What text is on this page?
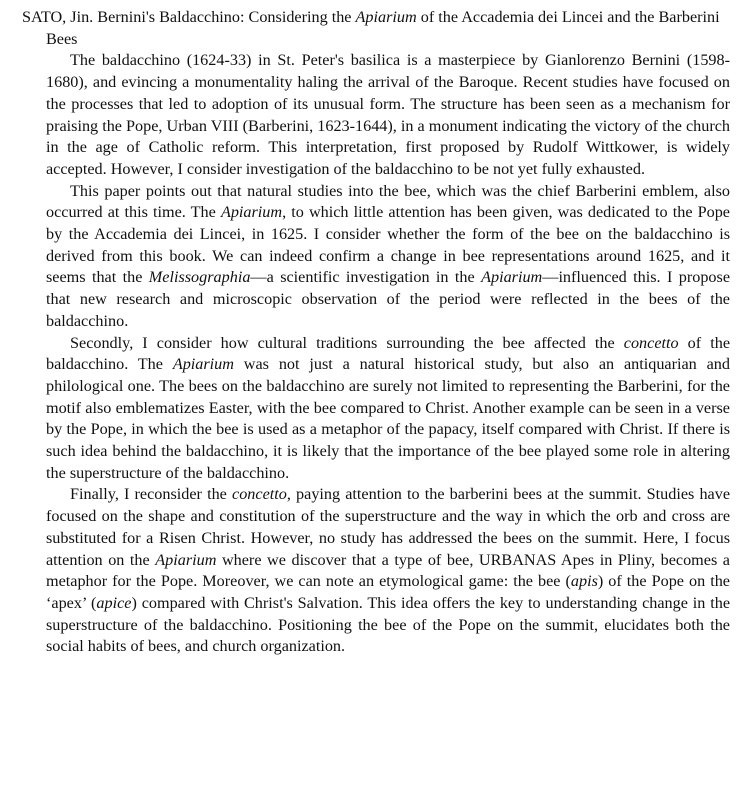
SATO, Jin. Bernini's Baldacchino: Considering the Apiarium of the Accademia dei Lincei and the Barberini Bees

The baldacchino (1624-33) in St. Peter's basilica is a masterpiece by Gianlorenzo Bernini (1598-1680), and evincing a monumentality haling the arrival of the Baroque. Recent studies have focused on the processes that led to adoption of its unusual form. The structure has been seen as a mechanism for praising the Pope, Urban VIII (Barberini, 1623-1644), in a monument indicating the victory of the church in the age of Catholic reform. This interpretation, first proposed by Rudolf Wittkower, is widely accepted. However, I consider investigation of the baldacchino to be not yet fully exhausted.

This paper points out that natural studies into the bee, which was the chief Barberini emblem, also occurred at this time. The Apiarium, to which little attention has been given, was dedicated to the Pope by the Accademia dei Lincei, in 1625. I consider whether the form of the bee on the baldacchino is derived from this book. We can indeed confirm a change in bee representations around 1625, and it seems that the Melissographia—a scientific investigation in the Apiarium—influenced this. I propose that new research and microscopic observation of the period were reflected in the bees of the baldacchino.

Secondly, I consider how cultural traditions surrounding the bee affected the concetto of the baldacchino. The Apiarium was not just a natural historical study, but also an antiquarian and philological one. The bees on the baldacchino are surely not limited to representing the Barberini, for the motif also emblematizes Easter, with the bee compared to Christ. Another example can be seen in a verse by the Pope, in which the bee is used as a metaphor of the papacy, itself compared with Christ. If there is such idea behind the baldacchino, it is likely that the importance of the bee played some role in altering the superstructure of the baldacchino.

Finally, I reconsider the concetto, paying attention to the barberini bees at the summit. Studies have focused on the shape and constitution of the superstructure and the way in which the orb and cross are substituted for a Risen Christ. However, no study has addressed the bees on the summit. Here, I focus attention on the Apiarium where we discover that a type of bee, URBANAS Apes in Pliny, becomes a metaphor for the Pope. Moreover, we can note an etymological game: the bee (apis) of the Pope on the ‘apex’ (apice) compared with Christ's Salvation. This idea offers the key to understanding change in the superstructure of the baldacchino. Positioning the bee of the Pope on the summit, elucidates both the social habits of bees, and church organization.
